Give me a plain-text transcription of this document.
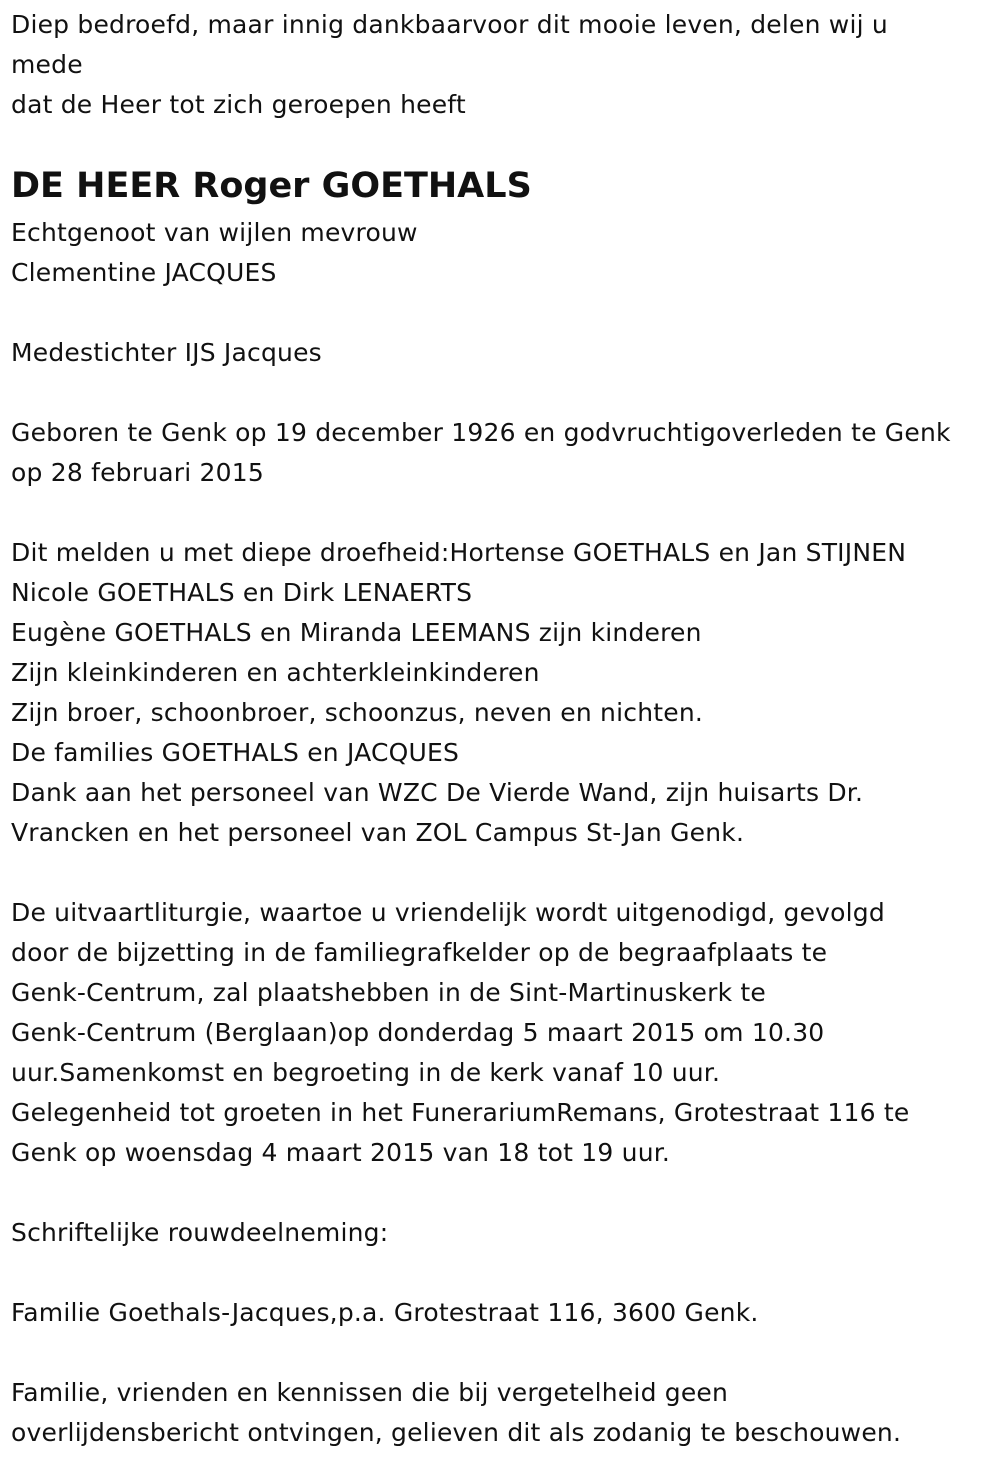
Diep bedroefd, maar innig dankbaarvoor dit mooie leven, delen wij u
mede
dat de Heer tot zich geroepen heeft
DE HEER Roger GOETHALS
Echtgenoot van wijlen mevrouw
Clementine JACQUES
Medestichter IJS Jacques
Geboren te Genk op 19 december 1926 en godvruchtigoverleden te Genk
op 28 februari 2015
Dit melden u met diepe droefheid:Hortense GOETHALS en Jan STIJNEN
Nicole GOETHALS en Dirk LENAERTS
Eugène GOETHALS en Miranda LEEMANS zijn kinderen
Zijn kleinkinderen en achterkleinkinderen
Zijn broer, schoonbroer, schoonzus, neven en nichten.
De families GOETHALS en JACQUES
Dank aan het personeel van WZC De Vierde Wand, zijn huisarts Dr.
Vrancken en het personeel van ZOL Campus St-Jan Genk.
De uitvaartliturgie, waartoe u vriendelijk wordt uitgenodigd, gevolgd
door de bijzetting in de familiegrafkelder op de begraafplaats te
Genk-Centrum, zal plaatshebben in de Sint-Martinuskerk te
Genk-Centrum (Berglaan)op donderdag 5 maart 2015 om 10.30
uur.Samenkomst en begroeting in de kerk vanaf 10 uur.
Gelegenheid tot groeten in het FunerariumRemans, Grotestraat 116 te
Genk op woensdag 4 maart 2015 van 18 tot 19 uur.
Schriftelijke rouwdeelneming:
Familie Goethals-Jacques,p.a. Grotestraat 116, 3600 Genk.
Familie, vrienden en kennissen die bij vergetelheid geen
overlijdensbericht ontvingen, gelieven dit als zodanig te beschouwen.
